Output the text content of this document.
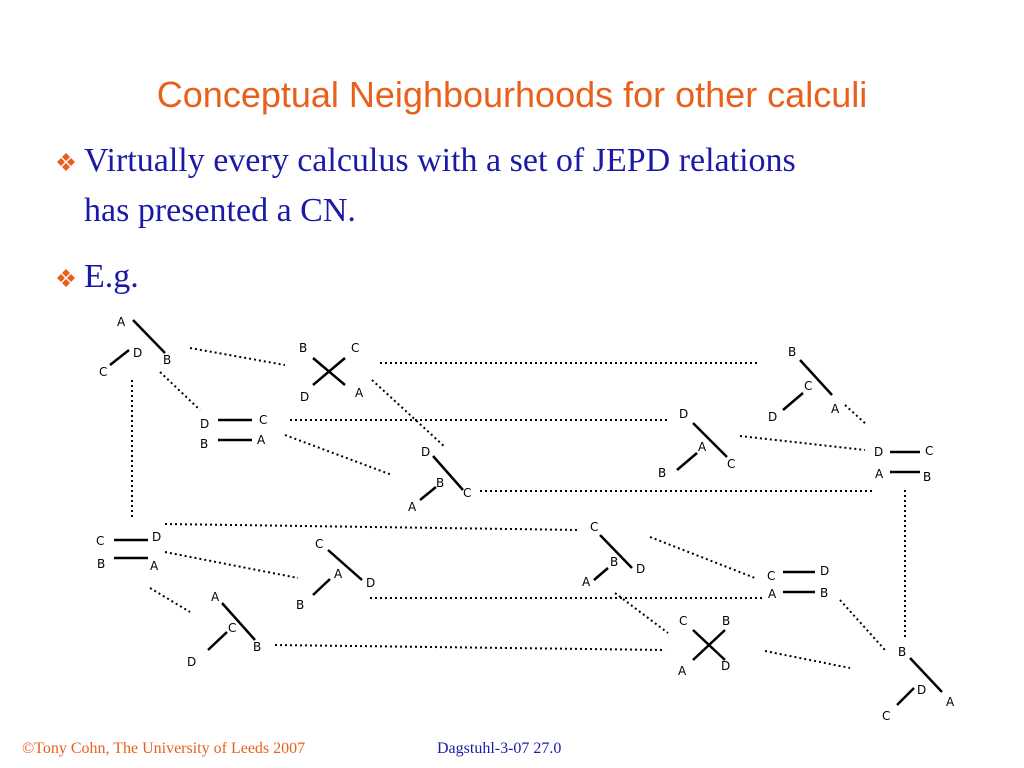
Conceptual Neighbourhoods for other calculi
Virtually every calculus with a set of JEPD relations
has presented a CN.
E.g.
A
D B
C
B	C
D	A
B
C
D
A
D	C
B	A
D
A
B
C
D	C
A	B
D
B
C
A
C	D
B	A
C
A
D
B
C
B D
A	C	D
A	B
A
C
B
D
C	B
A	D
B
D
A
C
©Tony Cohn, The University of Leeds 2007	Dagstuhl-3-07 27.0
